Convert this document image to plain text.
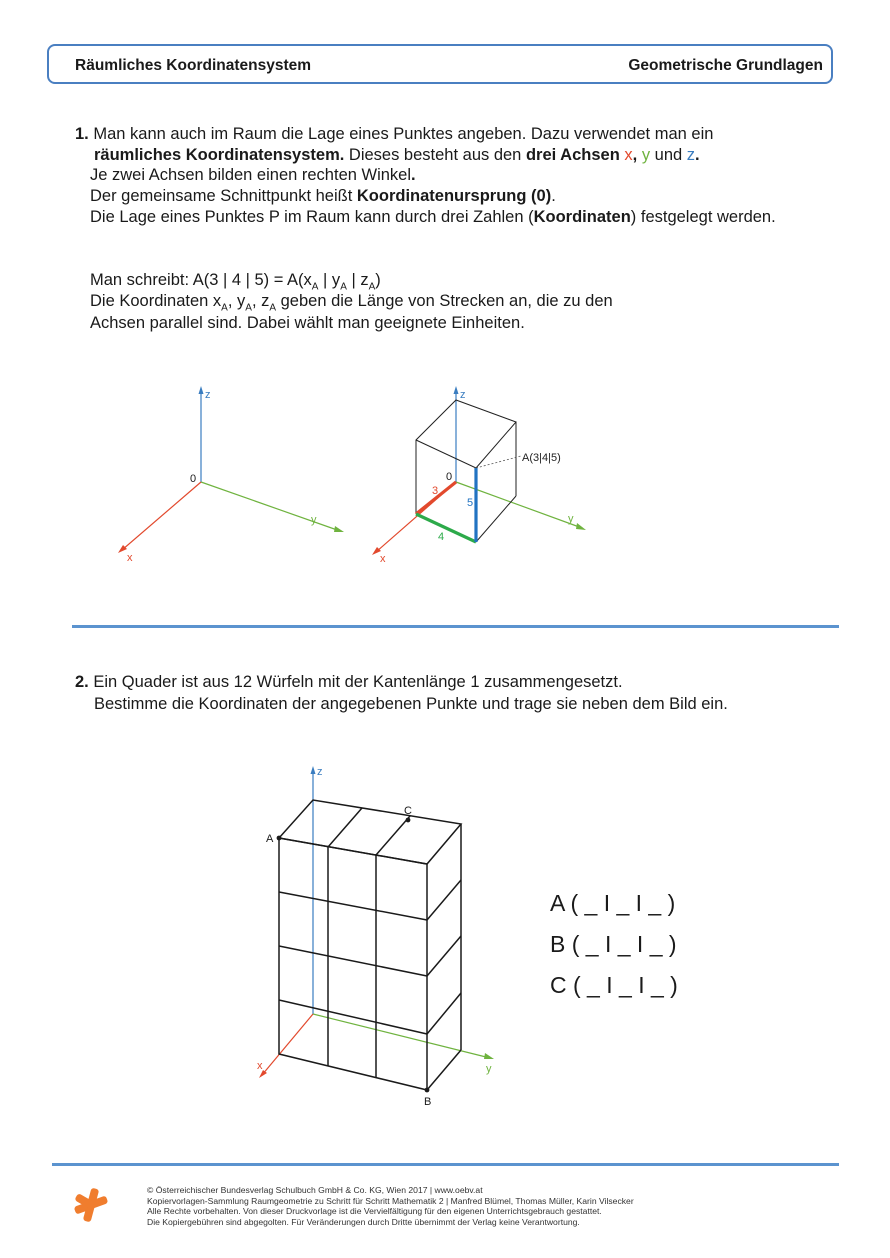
Räumliches Koordinatensystem	Geometrische Grundlagen
1. Man kann auch im Raum die Lage eines Punktes angeben. Dazu verwendet man ein
räumliches Koordinatensystem. Dieses besteht aus den drei Achsen x, y und z.
Je zwei Achsen bilden einen rechten Winkel.
Der gemeinsame Schnittpunkt heißt Koordinatenursprung (0).
Die Lage eines Punktes P im Raum kann durch drei Zahlen (Koordinaten) festgelegt werden.
Man schreibt: A(3 | 4 | $5) = A(x_A$ | $y_A$ | $z_A$)
Die Koordinaten $x_A$, $y_A$, $z_A$ geben die Länge von Strecken an, die zu den
Achsen parallel sind. Dabei wählt man geeignete Einheiten.
z
y
x
0
z
y
x
A(3|4|5)
0
3
4
5
2. Ein Quader ist aus 12 Würfeln mit der Kantenlänge 1 zusammengesetzt.
Bestimme die Koordinaten der angegebenen Punkte und trage sie neben dem Bild ein.
z
y
x
A
B
C
A ( _ I _ I _ )
B ( _ I _ I _ )
C ( _ I _ I _ )
© Österreichischer Bundesverlag Schulbuch GmbH & Co. KG, Wien 2017 | www.oebv.at
Kopiervorlagen-Sammlung Raumgeometrie zu Schritt für Schritt Mathematik 2 | Manfred Blümel, Thomas Müller, Karin Vilsecker
Alle Rechte vorbehalten. Von dieser Druckvorlage ist die Vervielfältigung für den eigenen Unterrichtsgebrauch gestattet.
Die Kopiergebühren sind abgegolten. Für Veränderungen durch Dritte übernimmt der Verlag keine Verantwortung.
